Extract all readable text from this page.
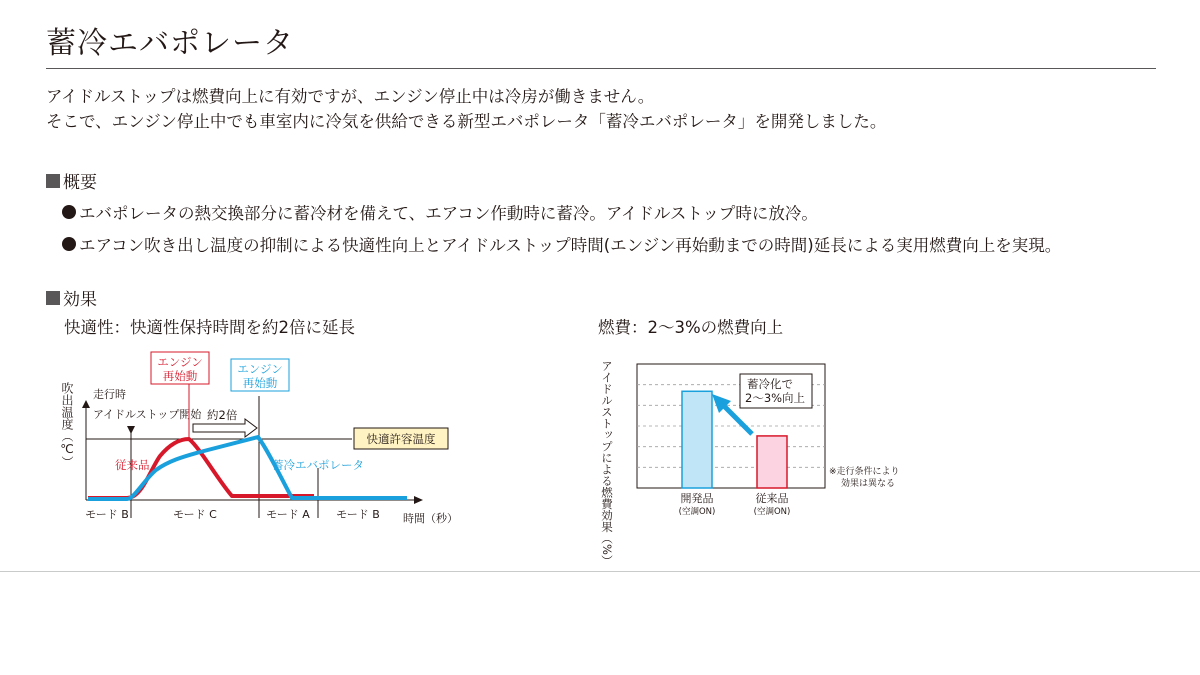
蓄冷エバポレータ

アイドルストップは燃費向上に有効ですが、エンジン停止中は冷房が働きません。

そこで、エンジン停止中でも車室内に冷気を供給できる新型エバポレータ「蓄冷エバポレータ」を開発しました。

概要
エバポレータの熱交換部分に蓄冷材を備えて、エアコン作動時に蓄冷。アイドルストップ時に放冷。
エアコン吹き出し温度の抑制による快適性向上とアイドルストップ時間(エンジン再始動までの時間)延長による実用燃費向上を実現。
効果
快適性：快適性保持時間を約2倍に延長	燃費：2～3%の燃費向上
吹出温度（℃） 走行時
アイドルストップ開始 約2倍
エンジン
再始動	エンジン
再始動
快適許容温度
従来品	蓄冷エバポレータ
モード B	モード C	モード A モード B 時間（秒）	アイドルストップによる燃費効果（%）	蓄冷化で
2～3%向上
開発品
(空調ON)
従来品
(空調ON)
※走行条件により
効果は異なる
